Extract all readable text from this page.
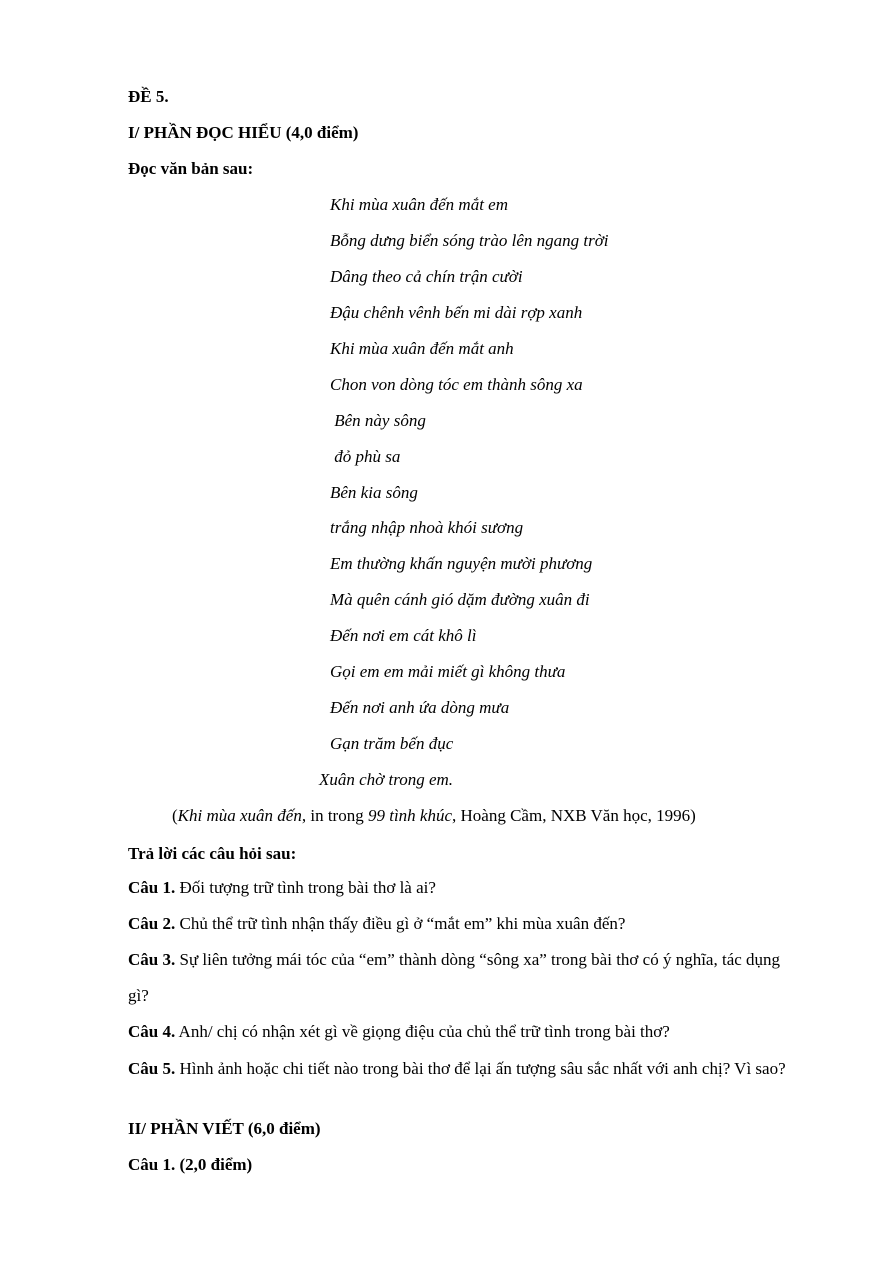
ĐỀ 5.
I/ PHẦN ĐỌC HIỂU (4,0 điểm)
Đọc văn bản sau:
Khi mùa xuân đến mắt em
Bỗng dưng biển sóng trào lên ngang trời
Dâng theo cả chín trận cười
Đậu chênh vênh bến mi dài rợp xanh
Khi mùa xuân đến mắt anh
Chon von dòng tóc em thành sông xa
Bên này sông
đỏ phù sa
Bên kia sông
trắng nhập nhoà khói sương
Em thường khấn nguyện mười phương
Mà quên cánh gió dặm đường xuân đi
Đến nơi em cát khô lì
Gọi em em mải miết gì không thưa
Đến nơi anh ứa dòng mưa
Gạn trăm bến đục
Xuân chờ trong em.
(Khi mùa xuân đến, in trong 99 tình khúc, Hoàng Cầm, NXB Văn học, 1996)
Trả lời các câu hỏi sau:
Câu 1. Đối tượng trữ tình trong bài thơ là ai?
Câu 2. Chủ thể trữ tình nhận thấy điều gì ở “mắt em” khi mùa xuân đến?
Câu 3. Sự liên tưởng mái tóc của “em” thành dòng “sông xa” trong bài thơ có ý nghĩa, tác dụng gì?
Câu 4. Anh/ chị có nhận xét gì về giọng điệu của chủ thể trữ tình trong bài thơ?
Câu 5. Hình ảnh hoặc chi tiết nào trong bài thơ để lại ấn tượng sâu sắc nhất với anh chị? Vì sao?
II/ PHẦN VIẾT (6,0 điểm)
Câu 1. (2,0 điểm)
